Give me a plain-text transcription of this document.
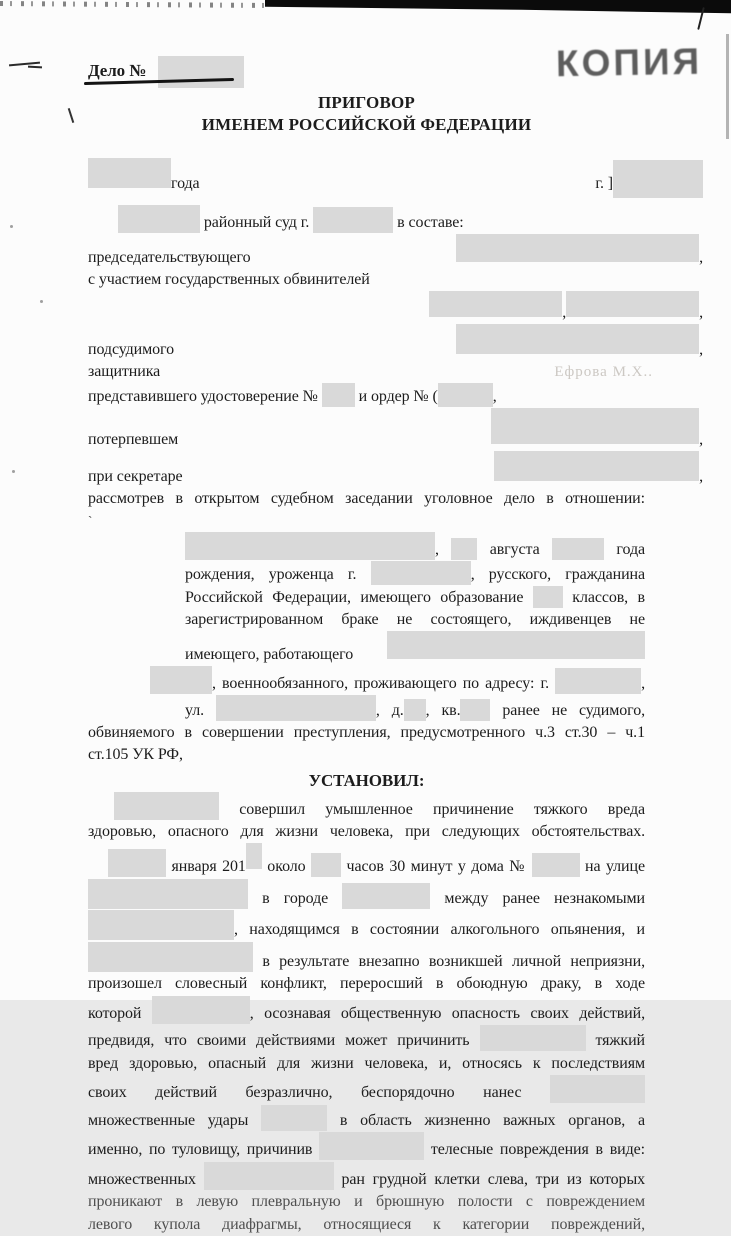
КОПИЯ
Дело №
ПРИГОВОР
ИМЕНЕМ РОССИЙСКОЙ ФЕДЕРАЦИИ
года	г. ]
районный суд г.	в составе:
председательствующего	,
с участием государственных обвинителей
,	,
подсудимого	,
защитника	Ефрова М.Х..
представившего удостоверение №  и ордер № (	,
потерпевшем	,
при секретаре	,
рассмотрев в открытом судебном заседании уголовное дело в отношении:
`
,  августа	года
рождения, уроженца г.	, русского, гражданина
Российской Федерации, имеющего образование  классов, в
зарегистрированном браке не состоящего, иждивенцев не
имеющего, работающего
, военнообязанного, проживающего по адресу: г.	,
ул.	, д. , кв. ранее не судимого,
обвиняемого в совершении преступления, предусмотренного ч.3 ст.30 – ч.1
ст.105 УК РФ,
УСТАНОВИЛ:
совершил умышленное причинение тяжкого вреда
здоровью, опасного для жизни человека, при следующих обстоятельствах.
января 201 около  часов 30 минут у дома №	на улице
в городе	между ранее незнакомыми
, находящимся в состоянии алкогольного опьянения, и
в результате внезапно возникшей личной неприязни,
произошел словесный конфликт, переросший в обоюдную драку, в ходе
которой	, осознавая общественную опасность своих действий,
предвидя, что своими действиями может причинить	тяжкий
вред здоровью, опасный для жизни человека, и, относясь к последствиям
своих действий безразлично, беспорядочно нанес
множественные удары	в область жизненно важных органов, а
именно, по туловищу, причинив	телесные повреждения в виде:
множественных	ран грудной клетки слева, три из которых
проникают в левую плевральную и брюшную полости с повреждением
левого купола диафрагмы, относящиеся к категории повреждений,
